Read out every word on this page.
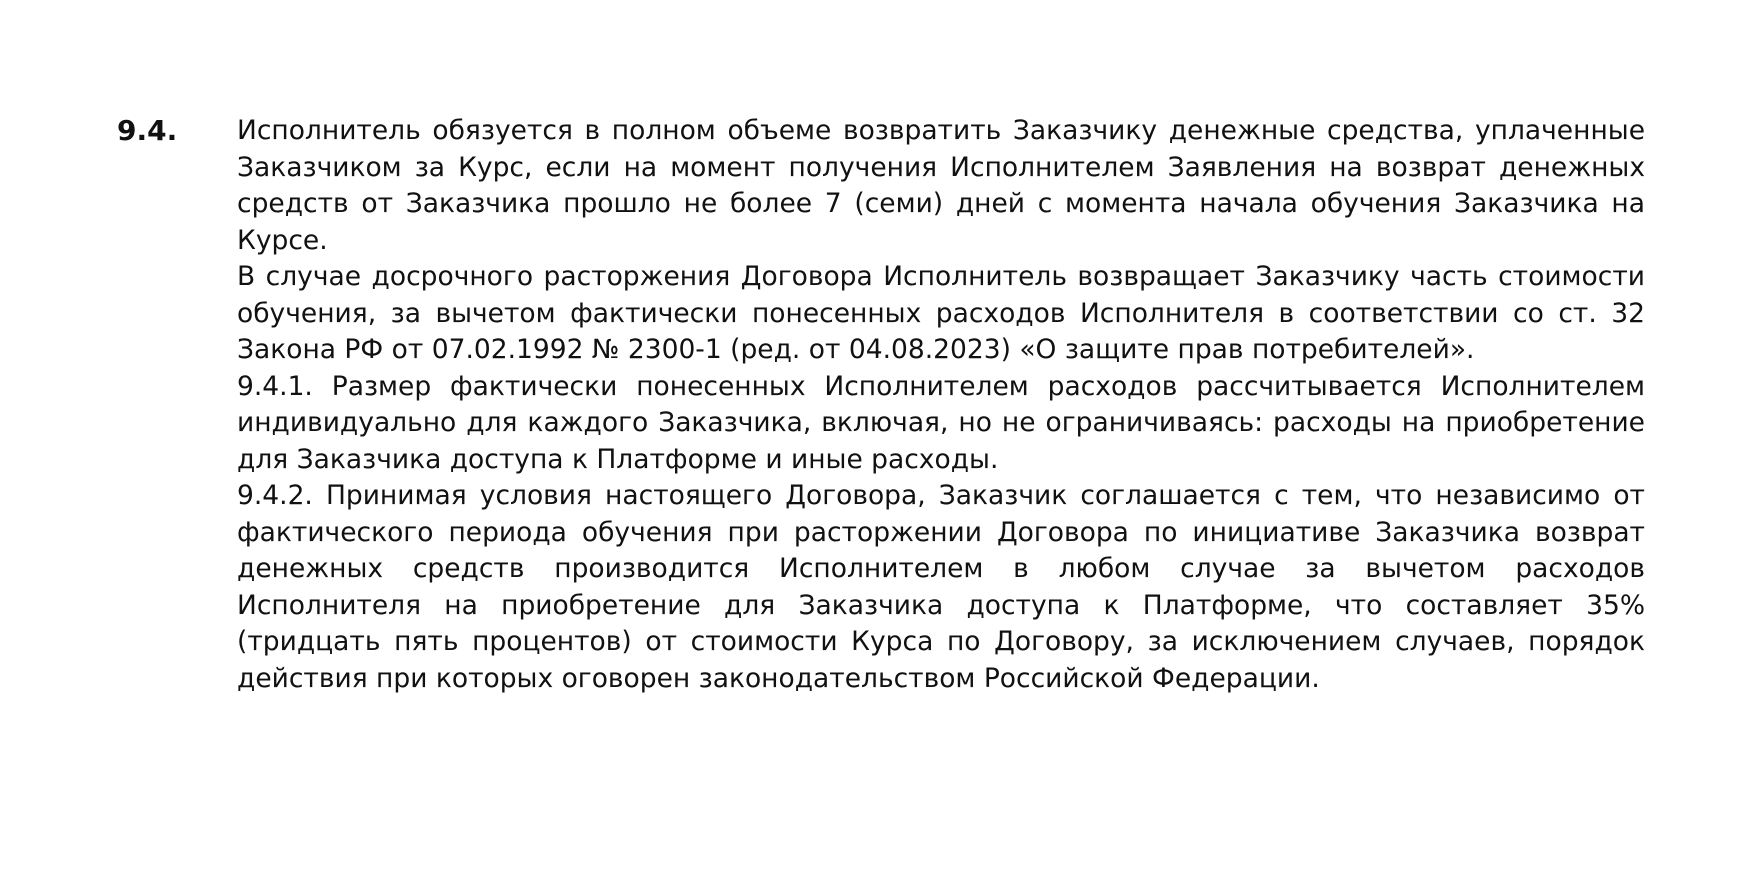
9.4. Исполнитель обязуется в полном объеме возвратить Заказчику денежные средства, уплаченные Заказчиком за Курс, если на момент получения Исполнителем Заявления на возврат денежных средств от Заказчика прошло не более 7 (семи) дней с момента начала обучения Заказчика на Курсе.

В случае досрочного расторжения Договора Исполнитель возвращает Заказчику часть стоимости обучения, за вычетом фактически понесенных расходов Исполнителя в соответствии со ст. 32 Закона РФ от 07.02.1992 № 2300-1 (ред. от 04.08.2023) «О защите прав потребителей».

9.4.1. Размер фактически понесенных Исполнителем расходов рассчитывается Исполнителем индивидуально для каждого Заказчика, включая, но не ограничиваясь: расходы на приобретение для Заказчика доступа к Платформе и иные расходы.

9.4.2. Принимая условия настоящего Договора, Заказчик соглашается с тем, что независимо от фактического периода обучения при расторжении Договора по инициативе Заказчика возврат денежных средств производится Исполнителем в любом случае за вычетом расходов Исполнителя на приобретение для Заказчика доступа к Платформе, что составляет 35% (тридцать пять процентов) от стоимости Курса по Договору, за исключением случаев, порядок действия при которых оговорен законодательством Российской Федерации.
